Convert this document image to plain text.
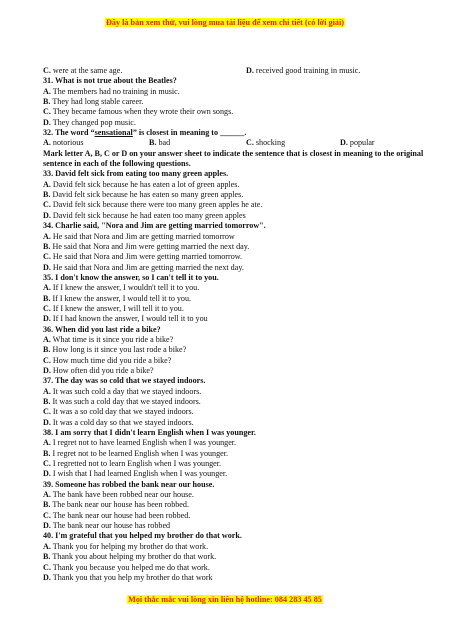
Đây là bản xem thử, vui lòng mua tài liệu để xem chi tiết (có lời giải)
C. were at the same age.	D. received good training in music.
31. What is not true about the Beatles?
A. The members had no training in music.
B. They had long stable career.
C. They became famous when they wrote their own songs.
D. They changed pop music.
32. The word “sensational” is closest in meaning to ______.
A. notorious	B. bad	C. shocking	D. popular
Mark letter A, B, C or D on your answer sheet to indicate the sentence that is closest in meaning to the original sentence in each of the following questions.
33. David felt sick from eating too many green apples.
A. David felt sick because he has eaten a lot of green apples.
B. David felt sick because he has eaten so many green apples.
C. David felt sick because there were too many green apples he ate.
D. David felt sick because he had eaten too many green apples
34. Charlie said, "Nora and Jim are getting married tomorrow".
A. He said that Nora and Jim are getting married tomorrow
B. He said that Nora and Jim were getting married the next day.
C. He said that Nora and Jim were getting married tomorrow.
D. He said that Nora and Jim are getting married the next day.
35. I don't know the answer, so I can't tell it to you.
A. If I knew the answer, I wouldn't tell it to you.
B. If I knew the answer, I would tell it to you.
C. If I knew the answer, I will tell it to you.
D. If I had known the answer, I would tell it to you
36. When did you last ride a bike?
A. What time is it since you ride a bike?
B. How long is it since you last rode a bike?
C. How much time did you ride a bike?
D. How often did you ride a bike?
37. The day was so cold that we stayed indoors.
A. It was such cold a day that we stayed indoors.
B. It was such a cold day that we stayed indoors.
C. It was a so cold day that we stayed indoors.
D. It was a cold day so that we stayed indoors.
38. I am sorry that I didn't learn English when I was younger.
A. I regret not to have learned English when I was younger.
B. I regret not to be learned English when I was younger.
C. I regretted not to learn English when I was younger.
D. I wish that I had learned English when I was younger.
39. Someone has robbed the bank near our house.
A. The bank have been robbed near our house.
B. The bank near our house has been robbed.
C. The bank near our house had been robbed.
D. The bank near our house has robbed
40. I'm grateful that you helped my brother do that work.
A. Thank you for helping my brother do that work.
B. Thank you about helping my brother do that work.
C. Thank you because you helped me do that work.
D. Thank you that you help my brother do that work
Mọi thắc mắc vui lòng xin liên hệ hotline: 084 283 45 85
